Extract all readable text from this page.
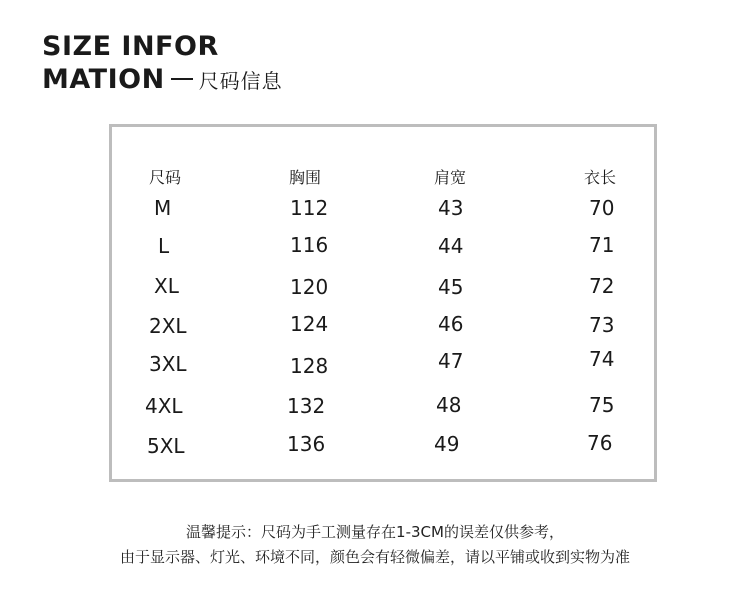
SIZE INFOR
MATION 尺码信息
尺码	胸围	肩宽	衣长
M	112	43	70
L	116	44	71
XL	120	45	72
2XL	124	46	73
3XL	128	47	74
4XL	132	48	75
5XL	136	49	76
温馨提示：尺码为手工测量存在1-3CM的误差仅供参考，
由于显示器、灯光、环境不同，颜色会有轻微偏差，请以平铺或收到实物为准
